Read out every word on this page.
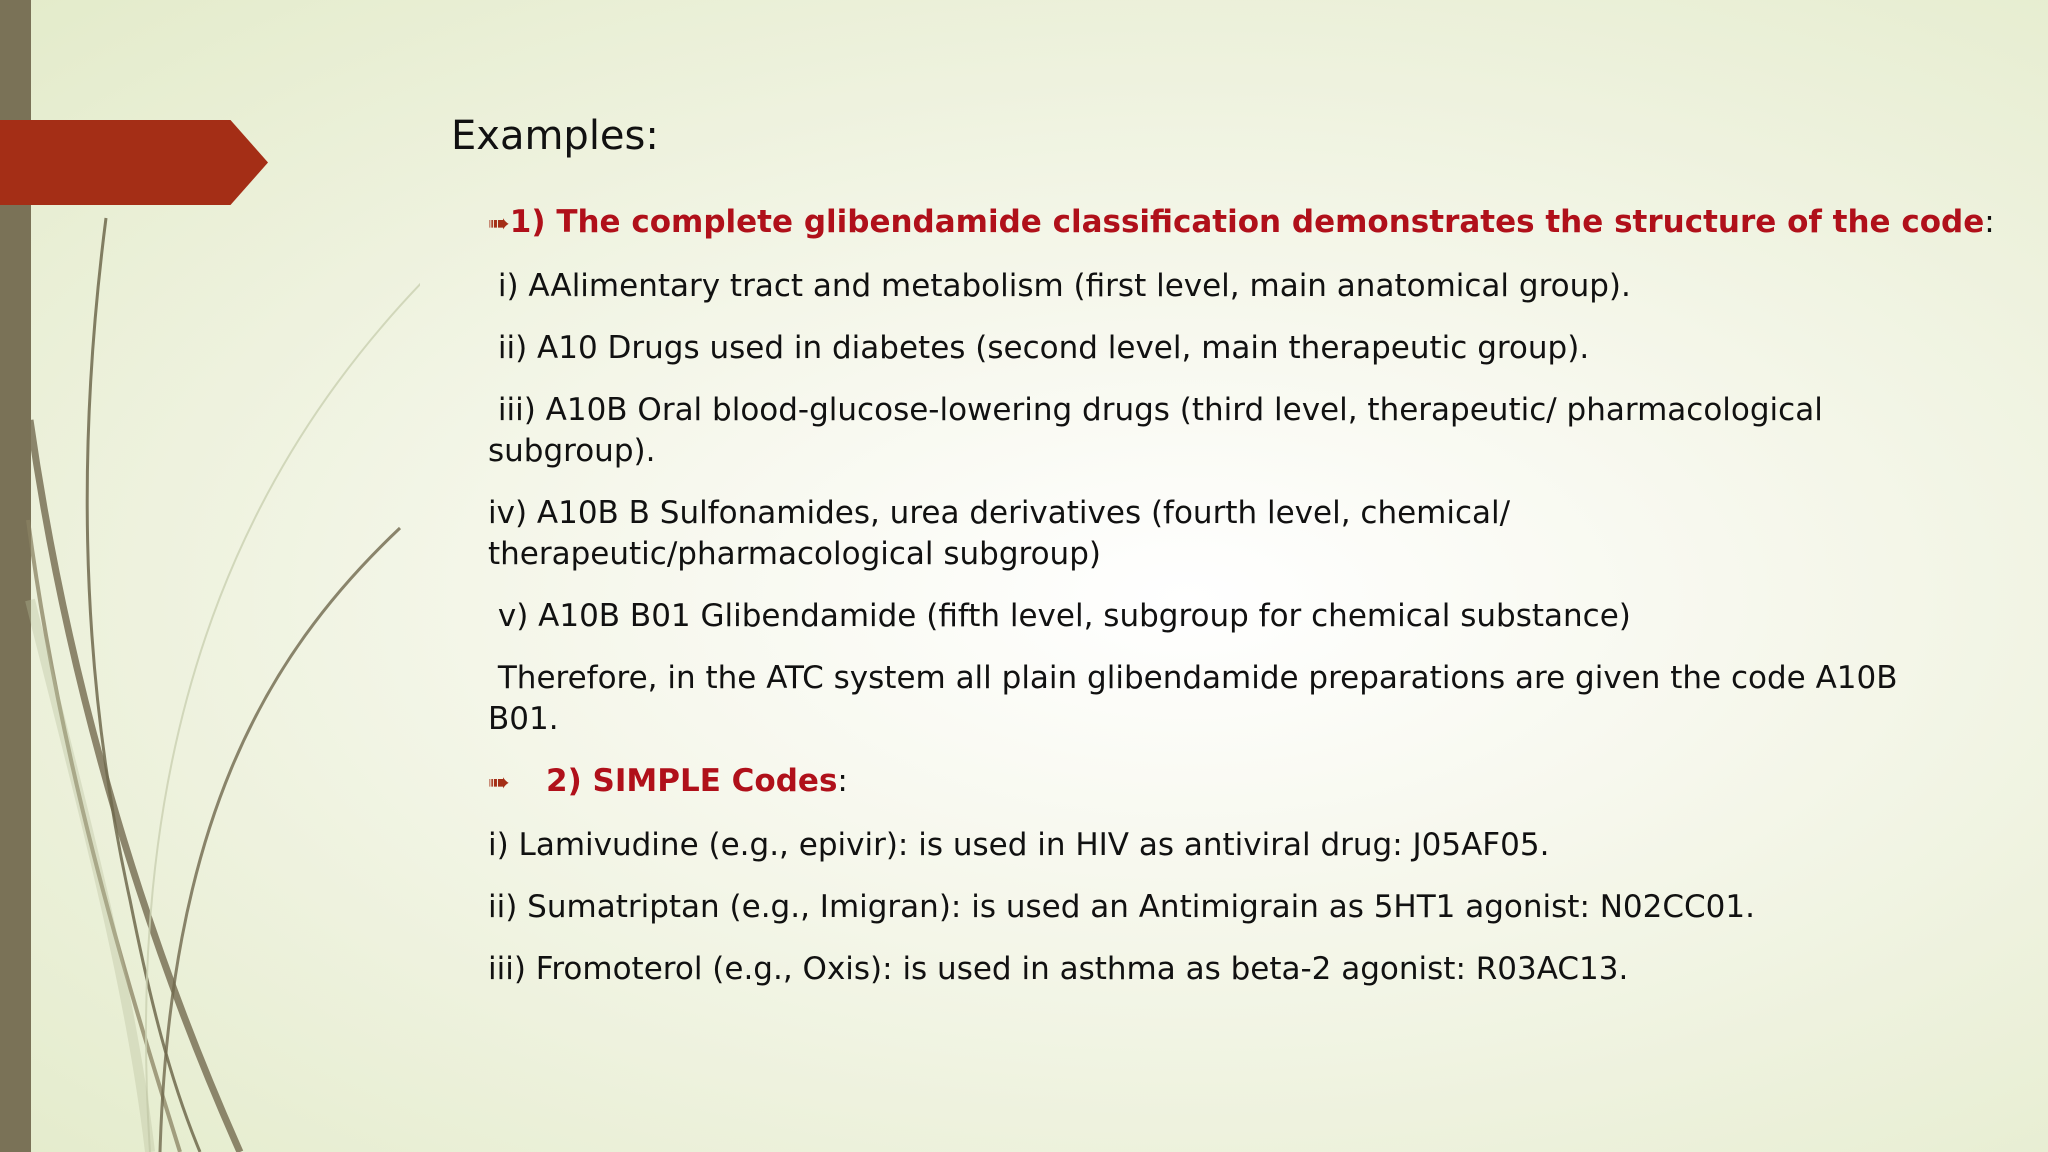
Examples:
➠ 1) The complete glibendamide classification demonstrates the structure of the code:

i) AAlimentary tract and metabolism (first level, main anatomical group).

ii) A10 Drugs used in diabetes (second level, main therapeutic group).

iii) A10B Oral blood-glucose-lowering drugs (third level, therapeutic/ pharmacological subgroup).

iv) A10B B Sulfonamides, urea derivatives (fourth level, chemical/ therapeutic/pharmacological subgroup)

v) A10B B01 Glibendamide (fifth level, subgroup for chemical substance)

Therefore, in the ATC system all plain glibendamide preparations are given the code A10B B01.

➠	2) SIMPLE Codes:

i) Lamivudine (e.g., epivir): is used in HIV as antiviral drug: J05AF05.

ii) Sumatriptan (e.g., Imigran): is used an Antimigrain as 5HT1 agonist: N02CC01.

iii) Fromoterol (e.g., Oxis): is used in asthma as beta-2 agonist: R03AC13.
